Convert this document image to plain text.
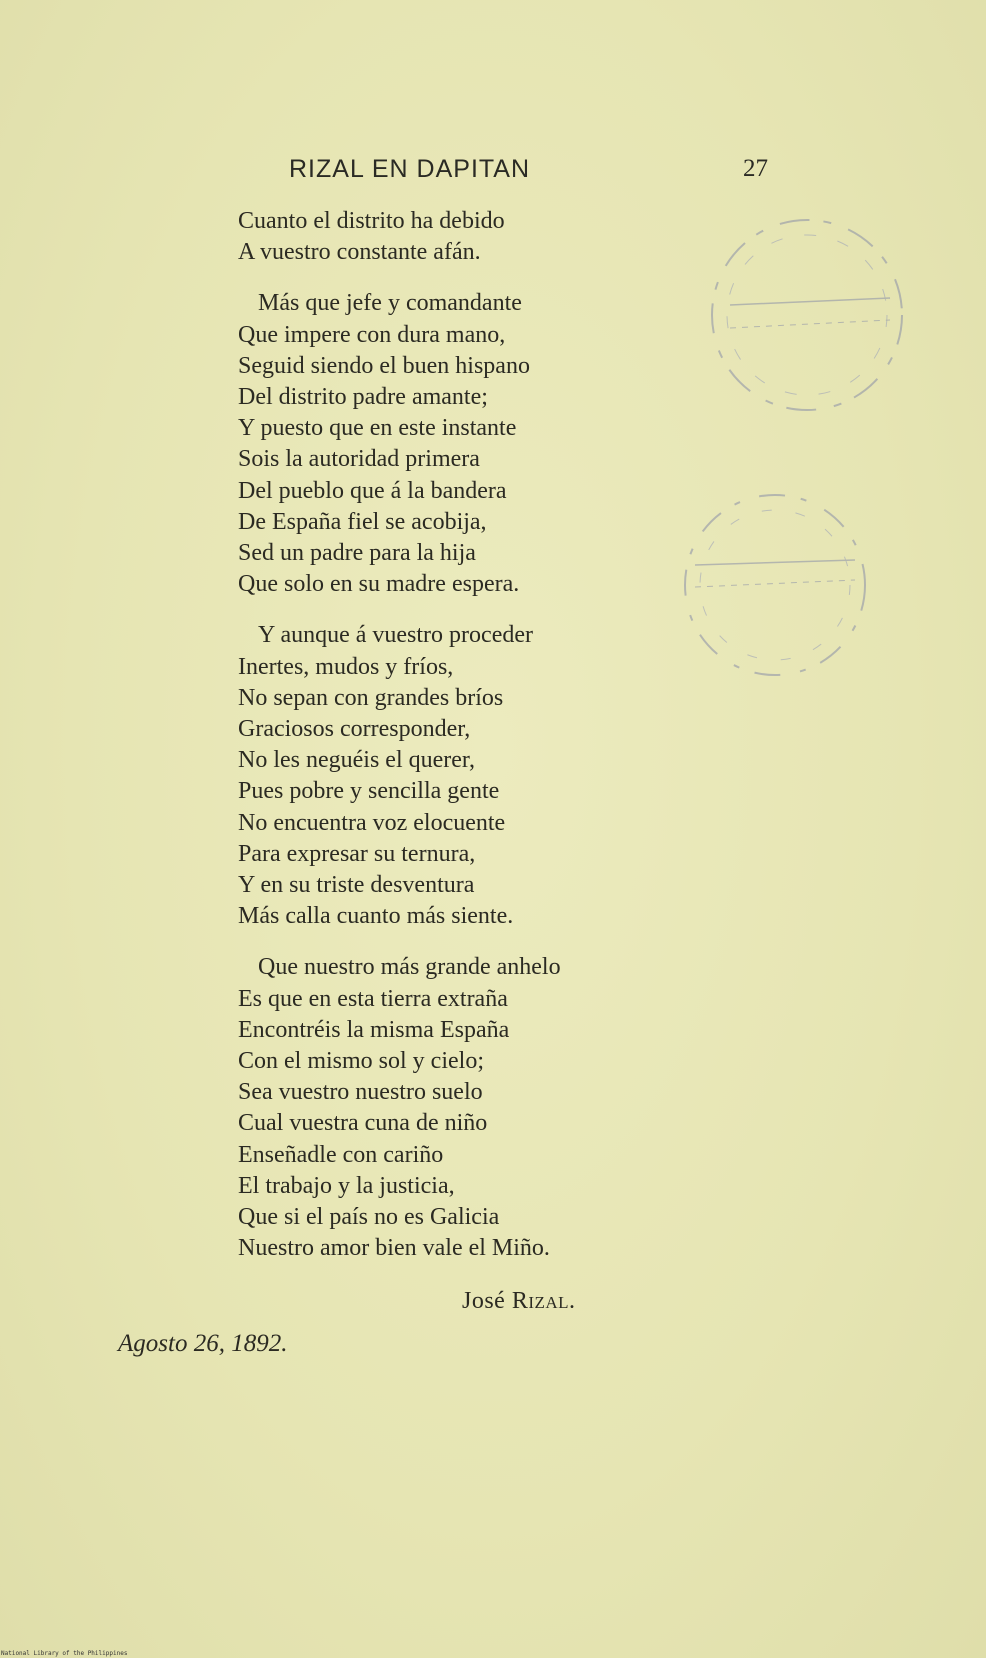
RIZAL EN DAPITAN	27
Cuanto el distrito ha debido
A vuestro constante afán.
Más que jefe y comandante
Que impere con dura mano,
Seguid siendo el buen hispano
Del distrito padre amante;
Y puesto que en este instante
Sois la autoridad primera
Del pueblo que á la bandera
De España fiel se acobija,
Sed un padre para la hija
Que solo en su madre espera.
Y aunque á vuestro proceder
Inertes, mudos y fríos,
No sepan con grandes bríos
Graciosos corresponder,
No les neguéis el querer,
Pues pobre y sencilla gente
No encuentra voz elocuente
Para expresar su ternura,
Y en su triste desventura
Más calla cuanto más siente.
Que nuestro más grande anhelo
Es que en esta tierra extraña
Encontréis la misma España
Con el mismo sol y cielo;
Sea vuestro nuestro suelo
Cual vuestra cuna de niño
Enseñadle con cariño
El trabajo y la justicia,
Que si el país no es Galicia
Nuestro amor bien vale el Miño.
José Rizal.
Agosto 26, 1892.
National Library of the Philippines
